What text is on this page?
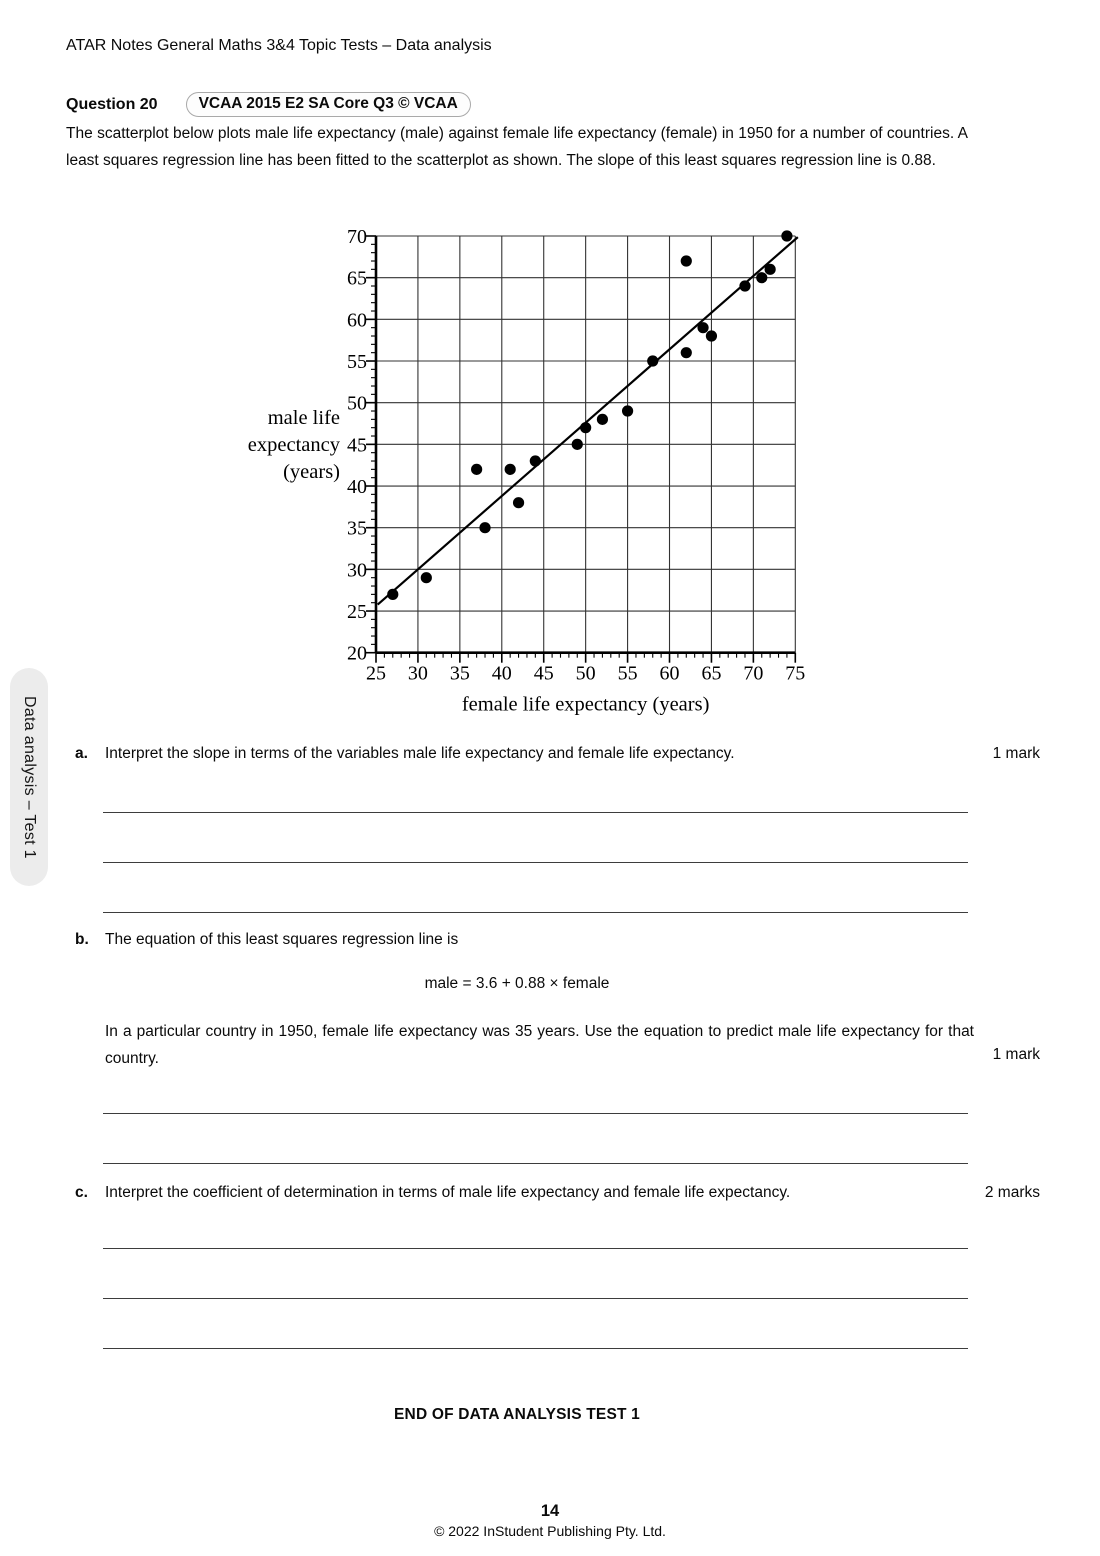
Data analysis – Test 1
ATAR Notes General Maths 3&4 Topic Tests – Data analysis
Question 20	VCAA 2015 E2 SA Core Q3 © VCAA
The scatterplot below plots male life expectancy (male) against female life expectancy (female) in 1950 for a number of countries. A least squares regression line has been fitted to the scatterplot as shown. The slope of this least squares regression line is 0.88.
25 30 35 40 45 50 55 60 65 70 75
20
25
30
35
40
45
50
55
60
65
70
female life expectancy (years)
male life
expectancy
(years)
a. Interpret the slope in terms of the variables male life expectancy and female life expectancy.	1 mark
b. The equation of this least squares regression line is
male = 3.6 + 0.88 × female
In a particular country in 1950, female life expectancy was 35 years. Use the equation to predict male life expectancy for that country.	1 mark
c. Interpret the coefficient of determination in terms of male life expectancy and female life expectancy.	2 marks
END OF DATA ANALYSIS TEST 1
14
© 2022 InStudent Publishing Pty. Ltd.
